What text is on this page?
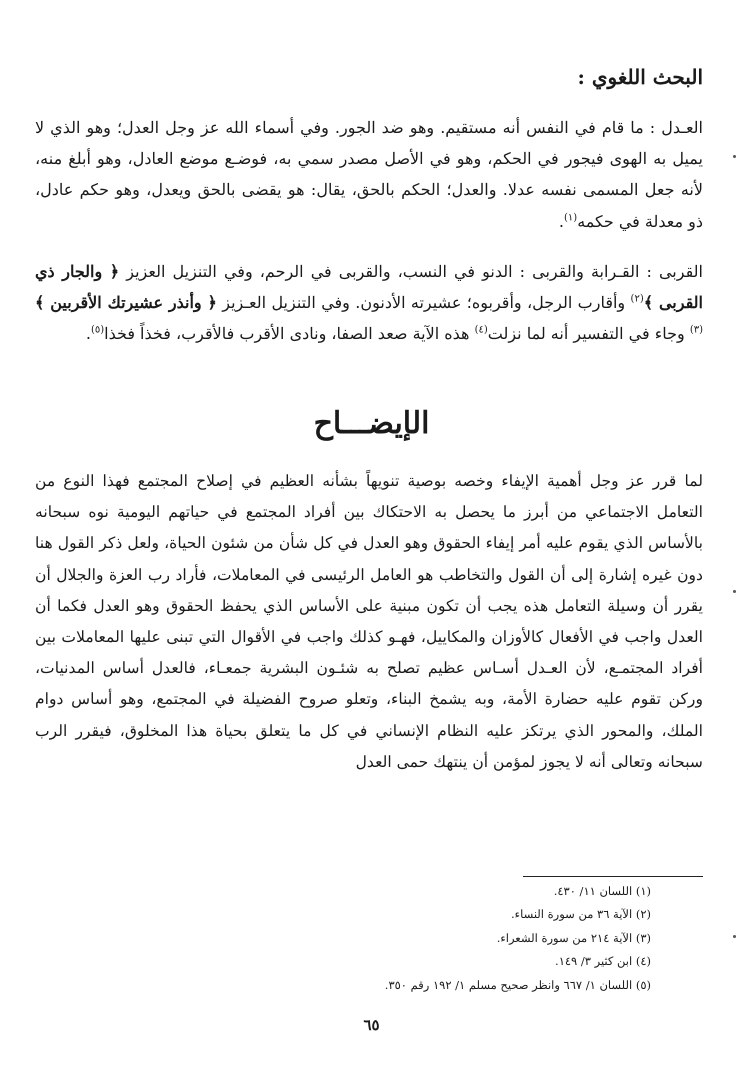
البحث اللغوي :

العـدل : ما قام في النفس أنه مستقيم. وهو ضد الجور. وفي أسماء الله عز وجل العدل؛ وهو الذي لا يميل به الهوى فيجور في الحكم، وهو في الأصل مصدر سمي به، فوضـع موضع العادل، وهو أبلغ منه، لأنه جعل المسمى نفسه عدلا. والعدل؛ الحكم بالحق، يقال: هو يقضى بالحق ويعدل، وهو حكم عادل، ذو معدلة في حكمه$^{(١)}$.

القربى : القـرابة والقربى : الدنو في النسب، والقربى في الرحم، وفي التنزيل العزيز ﴿ والجار ذي القربى ﴾$^{(٢)}$ وأقارب الرجل، وأقربوه؛ عشيرته الأدنون. وفي التنزيل العـزيز ﴿ وأنذر عشيرتك الأقربين ﴾$^{(٣)}$ وجاء في التفسير أنه لما نزلت$^{(٤)}$ هذه الآية صعد الصفا، ونادى الأقرب فالأقرب، فخذاً فخذا$^{(٥)}$.

الإيضـــاح

لما قرر عز وجل أهمية الإيفاء وخصه بوصية تنويهاً بشأنه العظيم في إصلاح المجتمع فهذا النوع من التعامل الاجتماعي من أبرز ما يحصل به الاحتكاك بين أفراد المجتمع في حياتهم اليومية نوه سبحانه بالأساس الذي يقوم عليه أمر إيفاء الحقوق وهو العدل في كل شأن من شئون الحياة، ولعل ذكر القول هنا دون غيره إشارة إلى أن القول والتخاطب هو العامل الرئيسى في المعاملات، فأراد رب العزة والجلال أن يقرر أن وسيلة التعامل هذه يجب أن تكون مبنية على الأساس الذي يحفظ الحقوق وهو العدل فكما أن العدل واجب في الأفعال كالأوزان والمكاييل، فهـو كذلك واجب في الأقوال التي تبنى عليها المعاملات بين أفراد المجتمـع، لأن العـدل أسـاس عظيم تصلح به شئـون البشرية جمعـاء، فالعدل أساس المدنيات، وركن تقوم عليه حضارة الأمة، وبه يشمخ البناء، وتعلو صروح الفضيلة في المجتمع، وهو أساس دوام الملك، والمحور الذي يرتكز عليه النظام الإنساني في كل ما يتعلق بحياة هذا المخلوق، فيقرر الرب سبحانه وتعالى أنه لا يجوز لمؤمن أن ينتهك حمى العدل

(١) اللسان ١١/ ٤٣٠.

(٢) الآية ٣٦ من سورة النساء.

(٣) الآية ٢١٤ من سورة الشعراء.

(٤) ابن كثير ٣/ ١٤٩.

(٥) اللسان ١/ ٦٦٧ وانظر صحيح مسلم ١/ ١٩٢ رقم ٣٥٠.

٦٥
